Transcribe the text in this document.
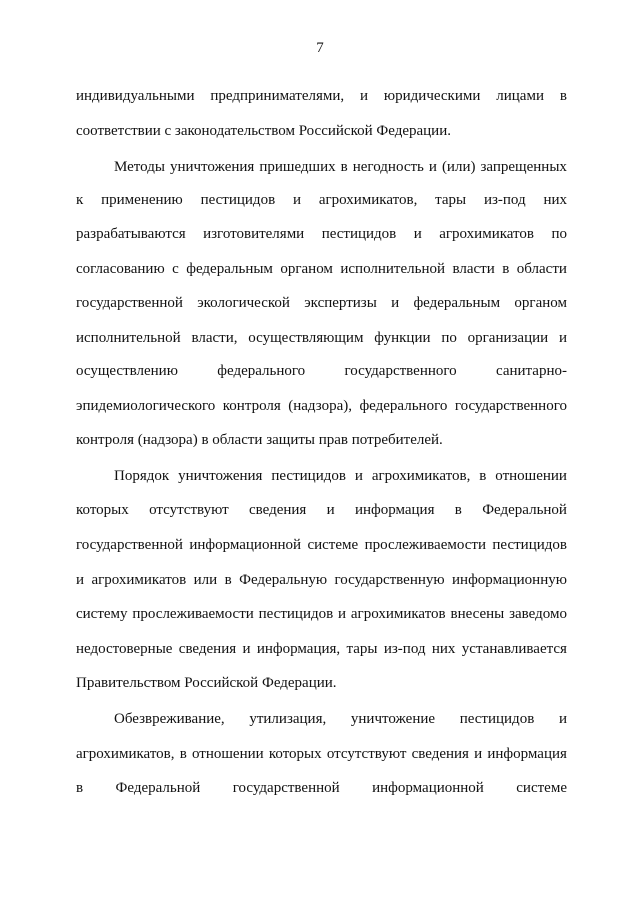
7
индивидуальными предпринимателями, и юридическими лицами в
соответствии с законодательством Российской Федерации.
Методы уничтожения пришедших в негодность и (или) запрещенных
к применению пестицидов и агрохимикатов, тары из-под них
разрабатываются изготовителями пестицидов и агрохимикатов по
согласованию с федеральным органом исполнительной власти в области
государственной экологической экспертизы и федеральным органом
исполнительной власти, осуществляющим функции по организации и
осуществлению	федерального	государственного	санитарно-
эпидемиологического контроля (надзора), федерального государственного
контроля (надзора) в области защиты прав потребителей.
Порядок уничтожения пестицидов и агрохимикатов, в отношении
которых отсутствуют сведения и информация в Федеральной
государственной информационной системе прослеживаемости пестицидов
и агрохимикатов или в Федеральную государственную информационную
систему прослеживаемости пестицидов и агрохимикатов внесены заведомо
недостоверные сведения и информация, тары из-под них устанавливается
Правительством Российской Федерации.
Обезвреживание, утилизация, уничтожение пестицидов и
агрохимикатов, в отношении которых отсутствуют сведения и информация
в Федеральной государственной информационной системе
